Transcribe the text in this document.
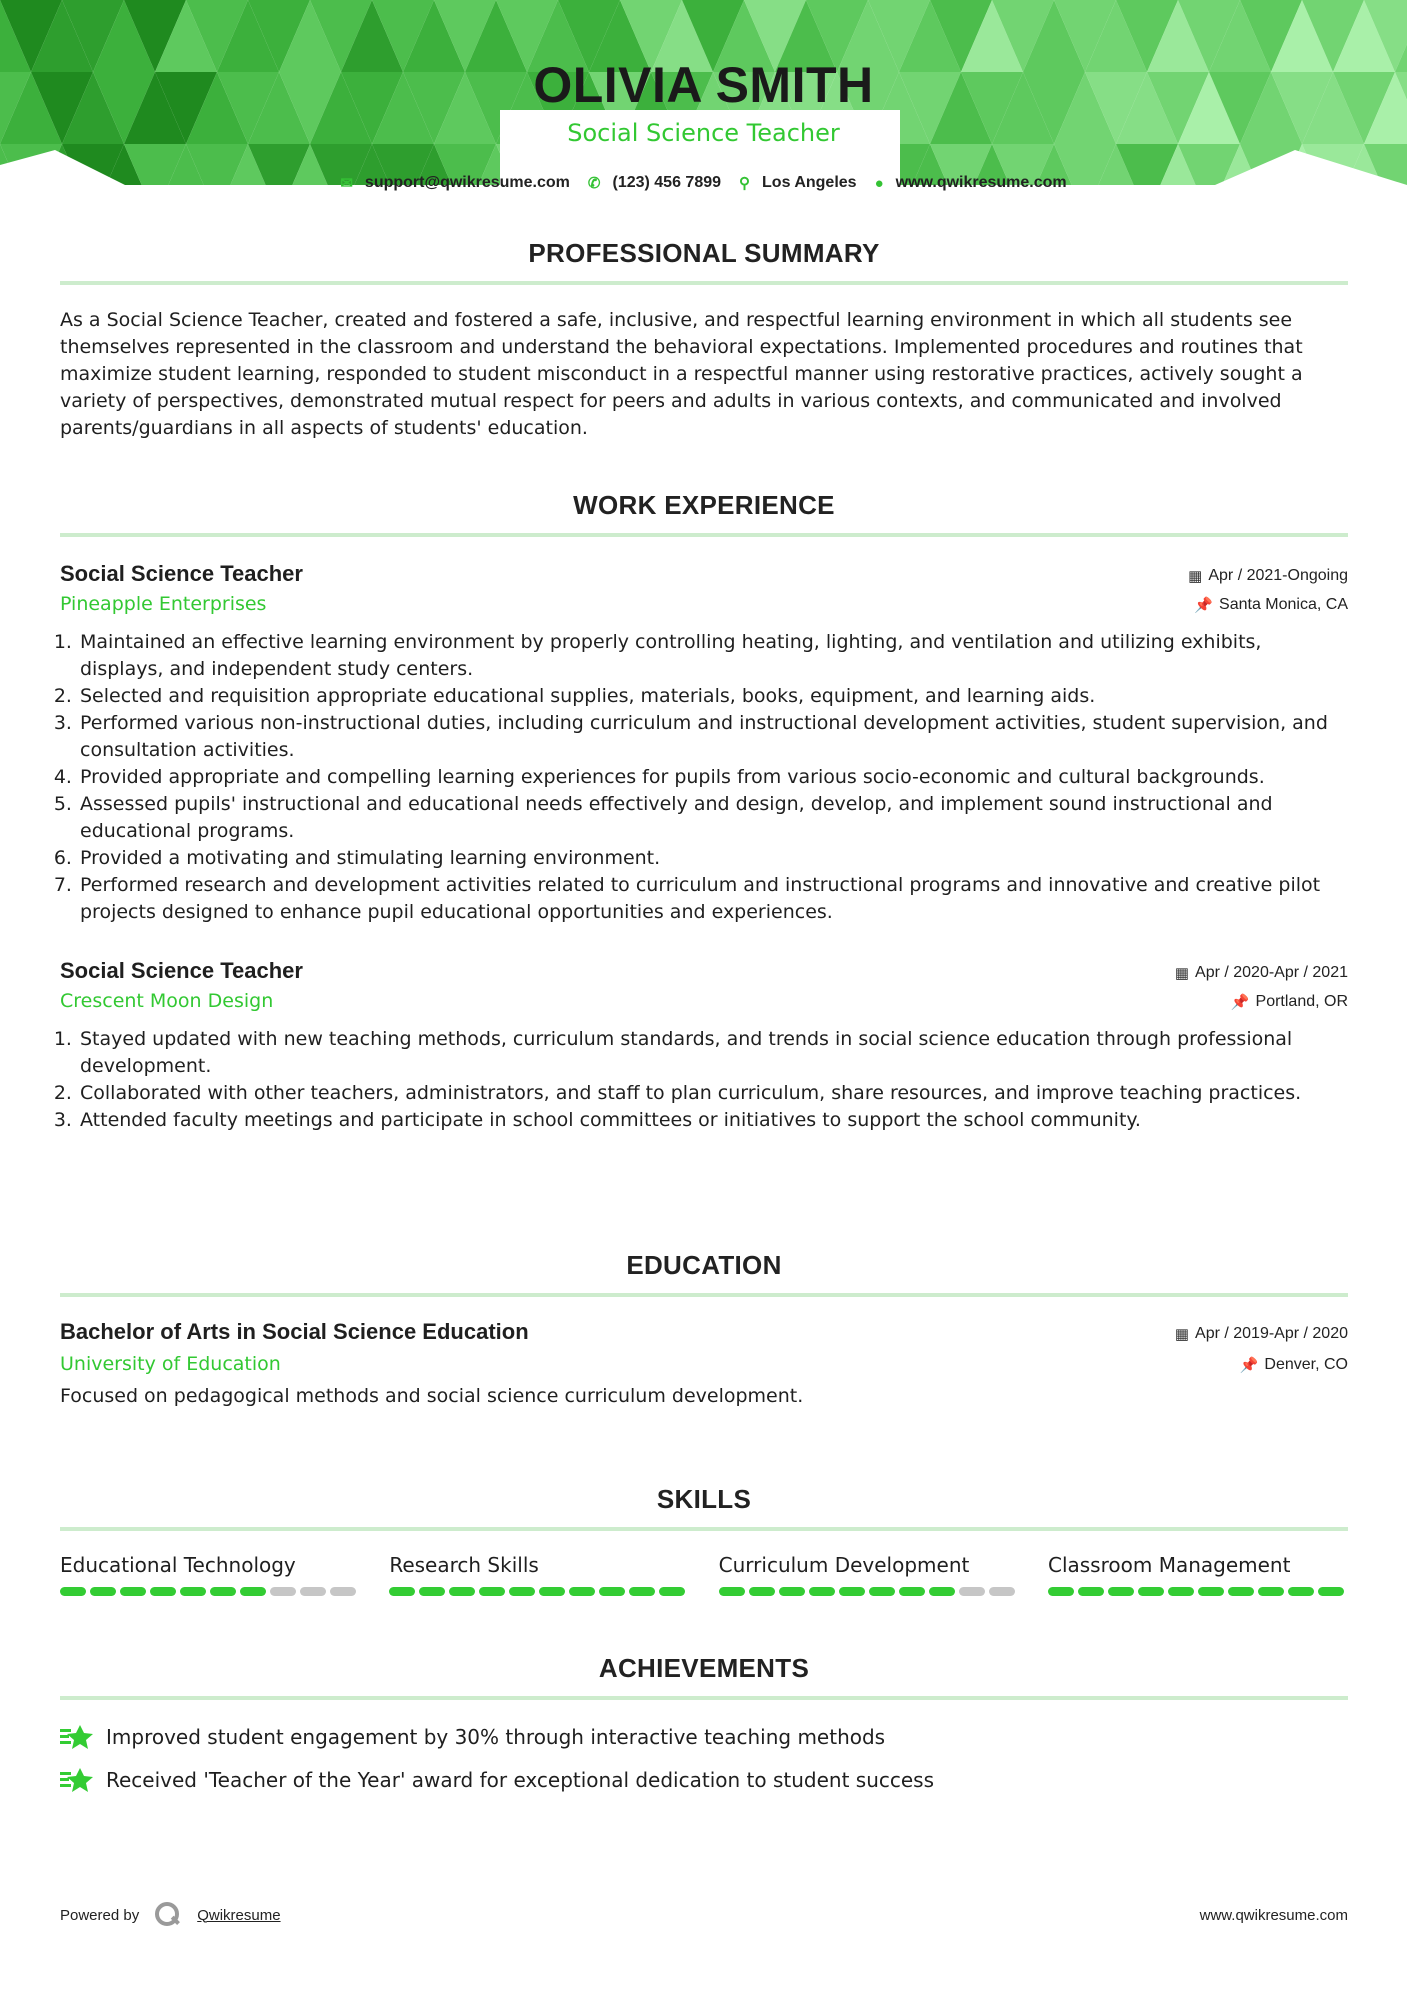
OLIVIA SMITH
Social Science Teacher
✉ support@qwikresume.com ✆ (123) 456 7899 ⚲ Los Angeles ● www.qwikresume.com
PROFESSIONAL SUMMARY

As a Social Science Teacher, created and fostered a safe, inclusive, and respectful learning environment in which all students see themselves represented in the classroom and understand the behavioral expectations. Implemented procedures and routines that maximize student learning, responded to student misconduct in a respectful manner using restorative practices, actively sought a variety of perspectives, demonstrated mutual respect for peers and adults in various contexts, and communicated and involved parents/guardians in all aspects of students' education.

WORK EXPERIENCE
Social Science Teacher	▦ Apr / 2021-Ongoing
Pineapple Enterprises	📌 Santa Monica, CA
1. Maintained an effective learning environment by properly controlling heating, lighting, and ventilation and utilizing exhibits, displays, and independent study centers.
2. Selected and requisition appropriate educational supplies, materials, books, equipment, and learning aids.
3. Performed various non-instructional duties, including curriculum and instructional development activities, student supervision, and consultation activities.
4. Provided appropriate and compelling learning experiences for pupils from various socio-economic and cultural backgrounds.
5. Assessed pupils' instructional and educational needs effectively and design, develop, and implement sound instructional and educational programs.
6. Provided a motivating and stimulating learning environment.
7. Performed research and development activities related to curriculum and instructional programs and innovative and creative pilot projects designed to enhance pupil educational opportunities and experiences.
Social Science Teacher	▦ Apr / 2020-Apr / 2021
Crescent Moon Design	📌 Portland, OR
1. Stayed updated with new teaching methods, curriculum standards, and trends in social science education through professional development.
2. Collaborated with other teachers, administrators, and staff to plan curriculum, share resources, and improve teaching practices.
3. Attended faculty meetings and participate in school committees or initiatives to support the school community.
EDUCATION
Bachelor of Arts in Social Science Education	▦ Apr / 2019-Apr / 2020
University of Education	📌 Denver, CO

Focused on pedagogical methods and social science curriculum development.

SKILLS
Educational Technology	Research Skills	Curriculum Development	Classroom Management
ACHIEVEMENTS
Improved student engagement by 30% through interactive teaching methods
Received 'Teacher of the Year' award for exceptional dedication to student success
Powered by	Qwikresume	www.qwikresume.com
